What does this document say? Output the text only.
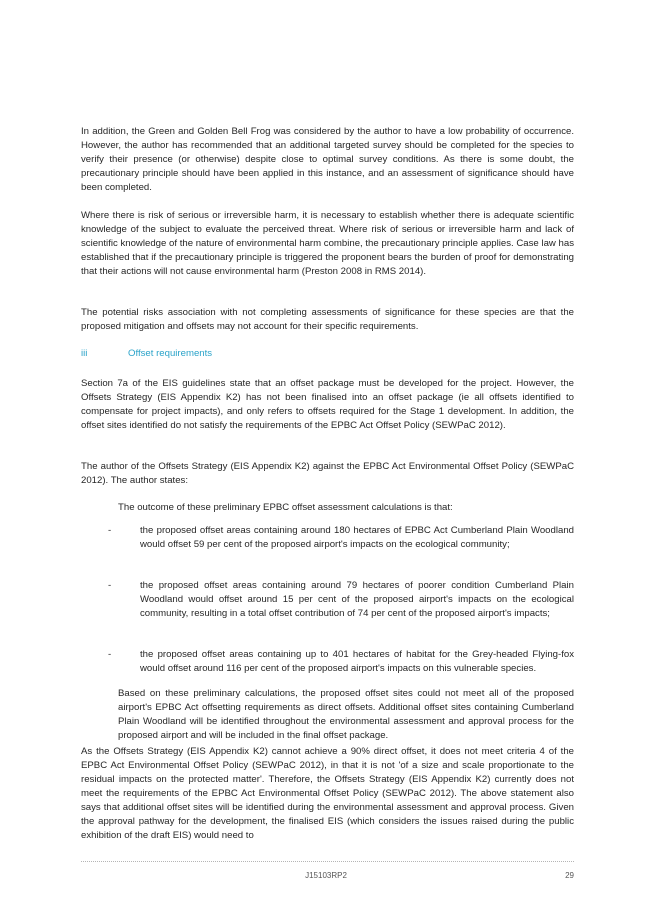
In addition, the Green and Golden Bell Frog was considered by the author to have a low probability of occurrence. However, the author has recommended that an additional targeted survey should be completed for the species to verify their presence (or otherwise) despite close to optimal survey conditions. As there is some doubt, the precautionary principle should have been applied in this instance, and an assessment of significance should have been completed.

Where there is risk of serious or irreversible harm, it is necessary to establish whether there is adequate scientific knowledge of the subject to evaluate the perceived threat. Where risk of serious or irreversible harm and lack of scientific knowledge of the nature of environmental harm combine, the precautionary principle applies. Case law has established that if the precautionary principle is triggered the proponent bears the burden of proof for demonstrating that their actions will not cause environmental harm (Preston 2008 in RMS 2014).

The potential risks association with not completing assessments of significance for these species are that the proposed mitigation and offsets may not account for their specific requirements.

iii	Offset requirements

Section 7a of the EIS guidelines state that an offset package must be developed for the project. However, the Offsets Strategy (EIS Appendix K2) has not been finalised into an offset package (ie all offsets identified to compensate for project impacts), and only refers to offsets required for the Stage 1 development. In addition, the offset sites identified do not satisfy the requirements of the EPBC Act Offset Policy (SEWPaC 2012).

The author of the Offsets Strategy (EIS Appendix K2) against the EPBC Act Environmental Offset Policy (SEWPaC 2012). The author states:

The outcome of these preliminary EPBC offset assessment calculations is that:

-	the proposed offset areas containing around 180 hectares of EPBC Act Cumberland Plain Woodland would offset 59 per cent of the proposed airport's impacts on the ecological community;

-	the proposed offset areas containing around 79 hectares of poorer condition Cumberland Plain Woodland would offset around 15 per cent of the proposed airport's impacts on the ecological community, resulting in a total offset contribution of 74 per cent of the proposed airport's impacts;

-	the proposed offset areas containing up to 401 hectares of habitat for the Grey-headed Flying-fox would offset around 116 per cent of the proposed airport's impacts on this vulnerable species.

Based on these preliminary calculations, the proposed offset sites could not meet all of the proposed airport's EPBC Act offsetting requirements as direct offsets. Additional offset sites containing Cumberland Plain Woodland will be identified throughout the environmental assessment and approval process for the proposed airport and will be included in the final offset package.

As the Offsets Strategy (EIS Appendix K2) cannot achieve a 90% direct offset, it does not meet criteria 4 of the EPBC Act Environmental Offset Policy (SEWPaC 2012), in that it is not 'of a size and scale proportionate to the residual impacts on the protected matter'. Therefore, the Offsets Strategy (EIS Appendix K2) currently does not meet the requirements of the EPBC Act Environmental Offset Policy (SEWPaC 2012). The above statement also says that additional offset sites will be identified during the environmental assessment and approval process. Given the approval pathway for the development, the finalised EIS (which considers the issues raised during the public exhibition of the draft EIS) would need to

J15103RP2	29
